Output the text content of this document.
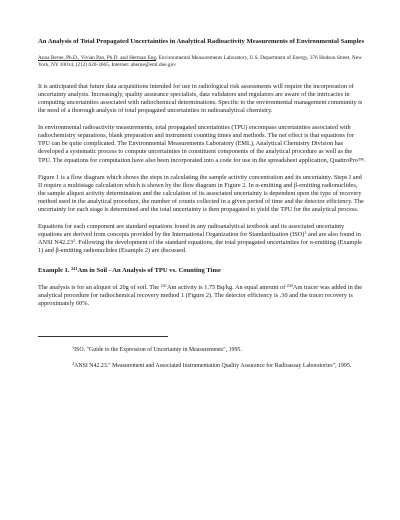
An Analysis of Total Propagated Uncertainties in Analytical Radioactivity Measurements of Environmental Samples
Anna Berne, Ph.D., Vivian Pan, Ph.D. and Herman Eng, Environmental Measurements Laboratory, U.S. Department of Energy, 376 Hudson Street, New York, NY 10014, (212) 620-3665, Internet: aberne@eml.doe.gov

It is anticipated that future data acquisitions intended for use in radiological risk assessments will require the incorporation of uncertainty analysis. Increasingly, quality assurance specialists, data validators and regulators are aware of the intricacies in computing uncertainties associated with radiochemical determinations. Specific to the environmental management community is the need of a thorough analysis of total propagated uncertainties in radioanalytical chemistry.

In environmental radioactivity measurements, total propagated uncertainties (TPU) encompass uncertainties associated with radiochemistry separations, blank preparation and instrument counting times and methods. The net effect is that equations for TPU can be quite complicated. The Environmental Measurements Laboratory (EML), Analytical Chemistry Division has developed a systematic process to compute uncertainties in constituent components of the analytical procedure as well as the TPU. The equations for computation have also been incorporated into a code for use in the spreadsheet application, QuattroPro™.

Figure 1 is a flow diagram which shows the steps in calculating the sample activity concentration and its uncertainty. Steps I and II require a multistage calculation which is shown by the flow diagram in Figure 2. In α-emitting and β-emitting radionuclides, the sample aliquot activity determination and the calculation of its associated uncertainty is dependent upon the type of recovery method used in the analytical procedure, the number of counts collected in a given period of time and the detector efficiency. The uncertainty for each stage is determined and the total uncertainty is then propagated to yield the TPU for the analytical process.

Equations for each component are standard equations found in any radioanalytical textbook and its associated uncertainty equations are derived from concepts provided by the International Organization for Standardization (ISO)$^1$ and are also found in ANSI N42.23$^2$. Following the development of the standard equations, the total propagated uncertainties for α-emitting (Example 1) and β-emitting radionuclides (Example 2) are discussed.

Example 1. $^{241}$Am in Soil - An Analysis of TPU vs. Counting Time

The analysis is for an aliquot of 20g of soil. The $^{241}$Am activity is 1.75 Bq/kg. An equal amount of $^{243}$Am tracer was added in the analytical procedure for radiochemical recovery method 1 (Figure 2). The detector efficiency is .30 and the tracer recovery is approximately 60%.

$^1$ISO. "Guide to the Expression of Uncertainty in Measurements", 1995.

$^2$ANSI N42.23." Measurement and Associated Instrumentation Quality Assurance for Radioassay Laboratories", 1995.
